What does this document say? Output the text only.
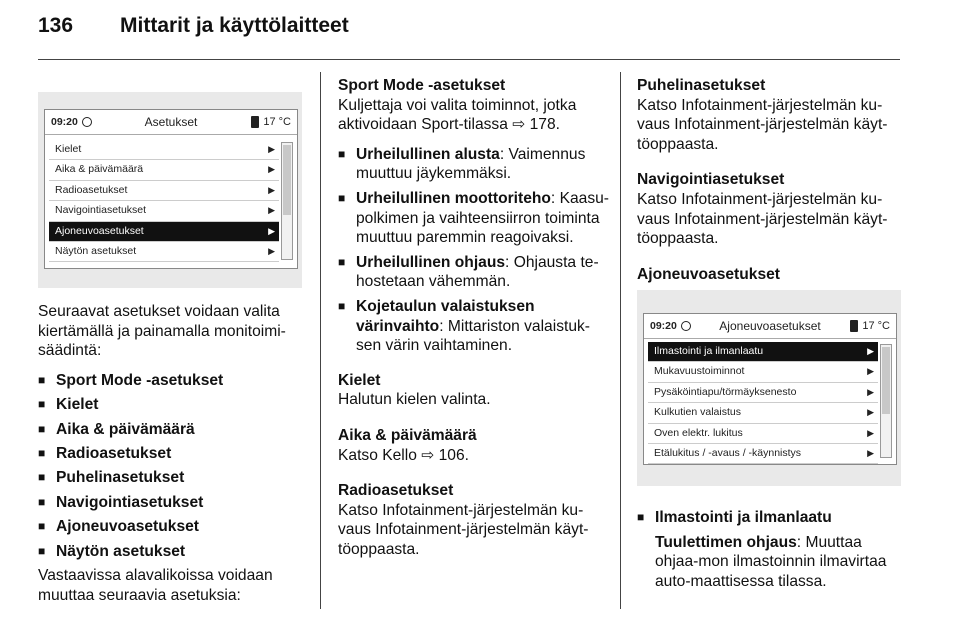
136 Mittarit ja käyttölaitteet
09:20	Asetukset	17 °C
Kielet	▶
Aika & päivämäärä	▶
Radioasetukset	▶
Navigointiasetukset	▶
Ajoneuvoasetukset	▶
Näytön asetukset	▶

Seuraavat asetukset voidaan valita kiertämällä ja painamalla monitoimi-säädintä:

■ Sport Mode -asetukset
■ Kielet
■ Aika & päivämäärä
■ Radioasetukset
■ Puhelinasetukset
■ Navigointiasetukset
■ Ajoneuvoasetukset
■ Näytön asetukset

Vastaavissa alavalikoissa voidaan muuttaa seuraavia asetuksia:

Sport Mode -asetukset

Kuljettaja voi valita toiminnot, jotka aktivoidaan Sport-tilassa ⇨ 178.

■ Urheilullinen alusta: Vaimennus muuttuu jäykemmäksi.
■ Urheilullinen moottoriteho: Kaasu-polkimen ja vaihteensiirron toiminta muuttuu paremmin reagoivaksi.
■ Urheilullinen ohjaus: Ohjausta te-hostetaan vähemmän.
■ Kojetaulun valaistuksen värinvaihto: Mittariston valaistuk-sen värin vaihtaminen.
Kielet

Halutun kielen valinta.

Aika & päivämäärä

Katso Kello ⇨ 106.

Radioasetukset

Katso Infotainment-järjestelmän ku-vaus Infotainment-järjestelmän käyt-töoppaasta.

Puhelinasetukset

Katso Infotainment-järjestelmän ku-vaus Infotainment-järjestelmän käyt-töoppaasta.

Navigointiasetukset

Katso Infotainment-järjestelmän ku-vaus Infotainment-järjestelmän käyt-töoppaasta.

Ajoneuvoasetukset
09:20	Ajoneuvoasetukset	17 °C
Ilmastointi ja ilmanlaatu	▶
Mukavuustoiminnot	▶
Pysäköintiapu/törmäyksenesto	▶
Kulkutien valaistus	▶
Oven elektr. lukitus	▶
Etälukitus / -avaus / -käynnistys	▶
■ Ilmastointi ja ilmanlaatu

Tuulettimen ohjaus: Muuttaa ohjaa-mon ilmastoinnin ilmavirtaa auto-maattisessa tilassa.
